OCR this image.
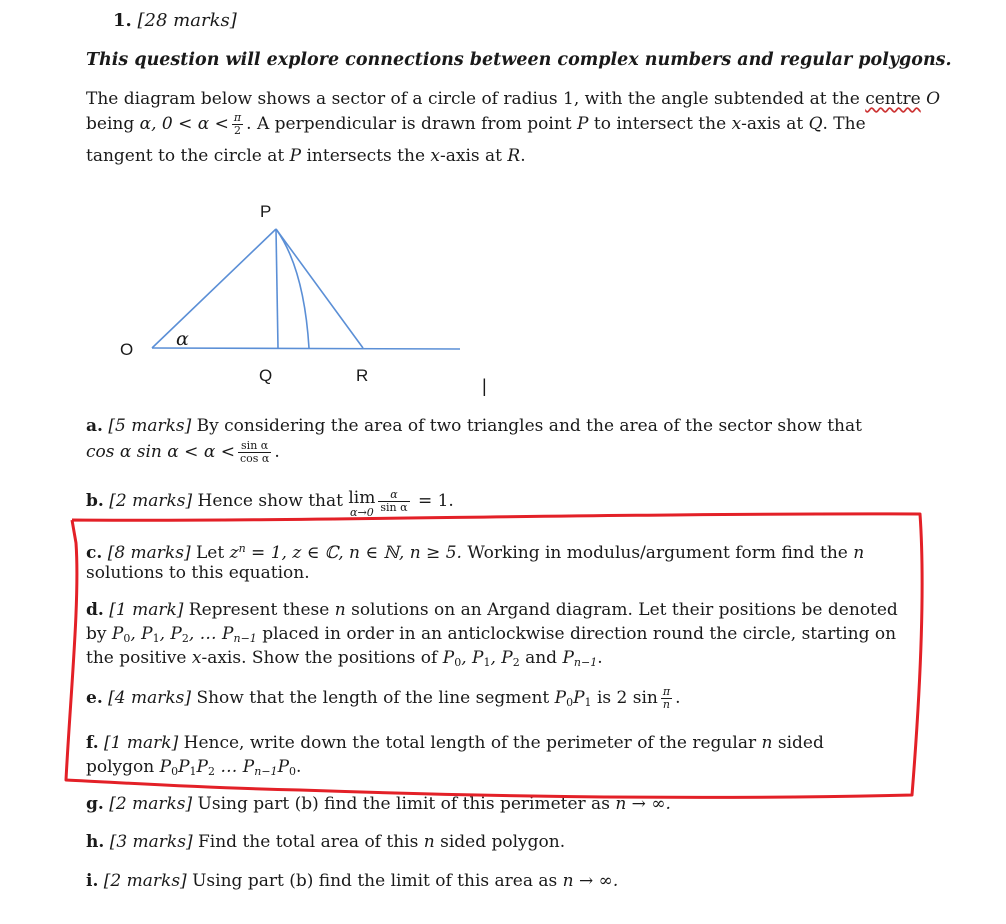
1. [28 marks]
This question will explore connections between complex numbers and regular polygons.
The diagram below shows a sector of a circle of radius 1, with the angle subtended at the centre O
being α, $0 < \alpha < \frac{\pi}{2}$ . A perpendicular is drawn from point P to intersect the x-axis at Q. The
tangent to the circle at P intersects the x-axis at R.
P
O
Q	R
|
α
a. [5 marks] By considering the area of two triangles and the area of the sector show that
cos α $\sin \alpha < \alpha < \frac{\text{sin α}}{\text{cos α}}$ .
b. [2 marks] Hence show that lim
$\alpha\to 0 \frac{\alpha}{\text{sin α}} = 1$.
c. [8 marks] Let $z^n = 1$, z ∈ ℂ, n ∈ ℕ, n ≥ 5. Working in modulus/argument form find the n
solutions to this equation.
d. [1 mark] Represent these n solutions on an Argand diagram. Let their positions be denoted
by $P_0$, $P_1$, $P_2$, … $P_{n-1}$ placed in order in an anticlockwise direction round the circle, starting on
the positive x-axis. Show the positions of $P_0$, $P_1$, $P_2$ and $P_{n-1}$.
e. [4 marks] Show that the length of the line segment $P_0P_1$ is 2 $\sin \frac{\pi}{n}$ .
f. [1 mark] Hence, write down the total length of the perimeter of the regular n sided
polygon $P_0P_1P_2$ … $P_{n-1}P_0$.
g. [2 marks] Using part (b) find the limit of this perimeter as n → ∞.
h. [3 marks] Find the total area of this n sided polygon.
i. [2 marks] Using part (b) find the limit of this area as n → ∞.
